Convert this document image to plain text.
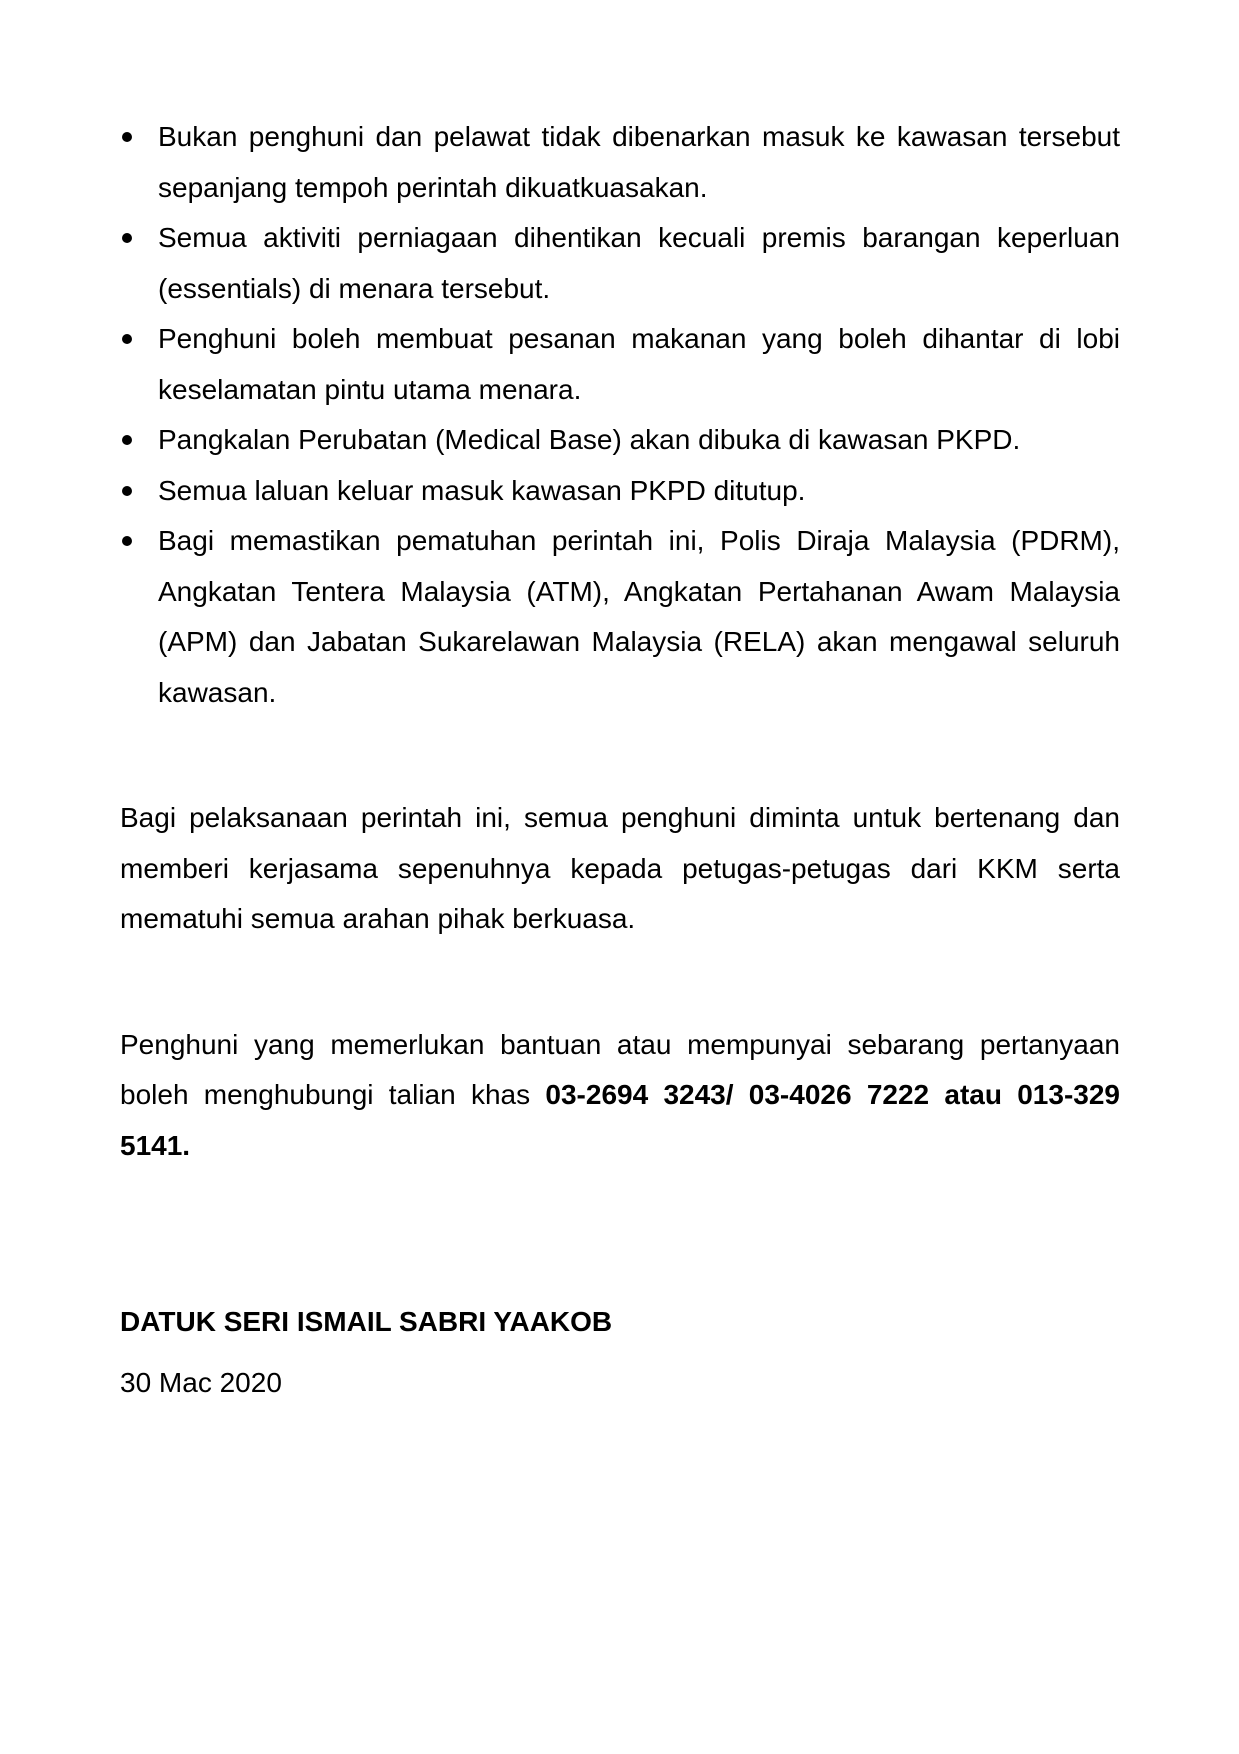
Bukan penghuni dan pelawat tidak dibenarkan masuk ke kawasan tersebut sepanjang tempoh perintah dikuatkuasakan.
Semua aktiviti perniagaan dihentikan kecuali premis barangan keperluan (essentials) di menara tersebut.
Penghuni boleh membuat pesanan makanan yang boleh dihantar di lobi keselamatan pintu utama menara.
Pangkalan Perubatan (Medical Base) akan dibuka di kawasan PKPD.
Semua laluan keluar masuk kawasan PKPD ditutup.
Bagi memastikan pematuhan perintah ini, Polis Diraja Malaysia (PDRM), Angkatan Tentera Malaysia (ATM), Angkatan Pertahanan Awam Malaysia (APM) dan Jabatan Sukarelawan Malaysia (RELA) akan mengawal seluruh kawasan.

Bagi pelaksanaan perintah ini, semua penghuni diminta untuk bertenang dan memberi kerjasama sepenuhnya kepada petugas-petugas dari KKM serta mematuhi semua arahan pihak berkuasa.

Penghuni yang memerlukan bantuan atau mempunyai sebarang pertanyaan boleh menghubungi talian khas 03-2694 3243/ 03-4026 7222 atau 013-329 5141.

DATUK SERI ISMAIL SABRI YAAKOB
30 Mac 2020
